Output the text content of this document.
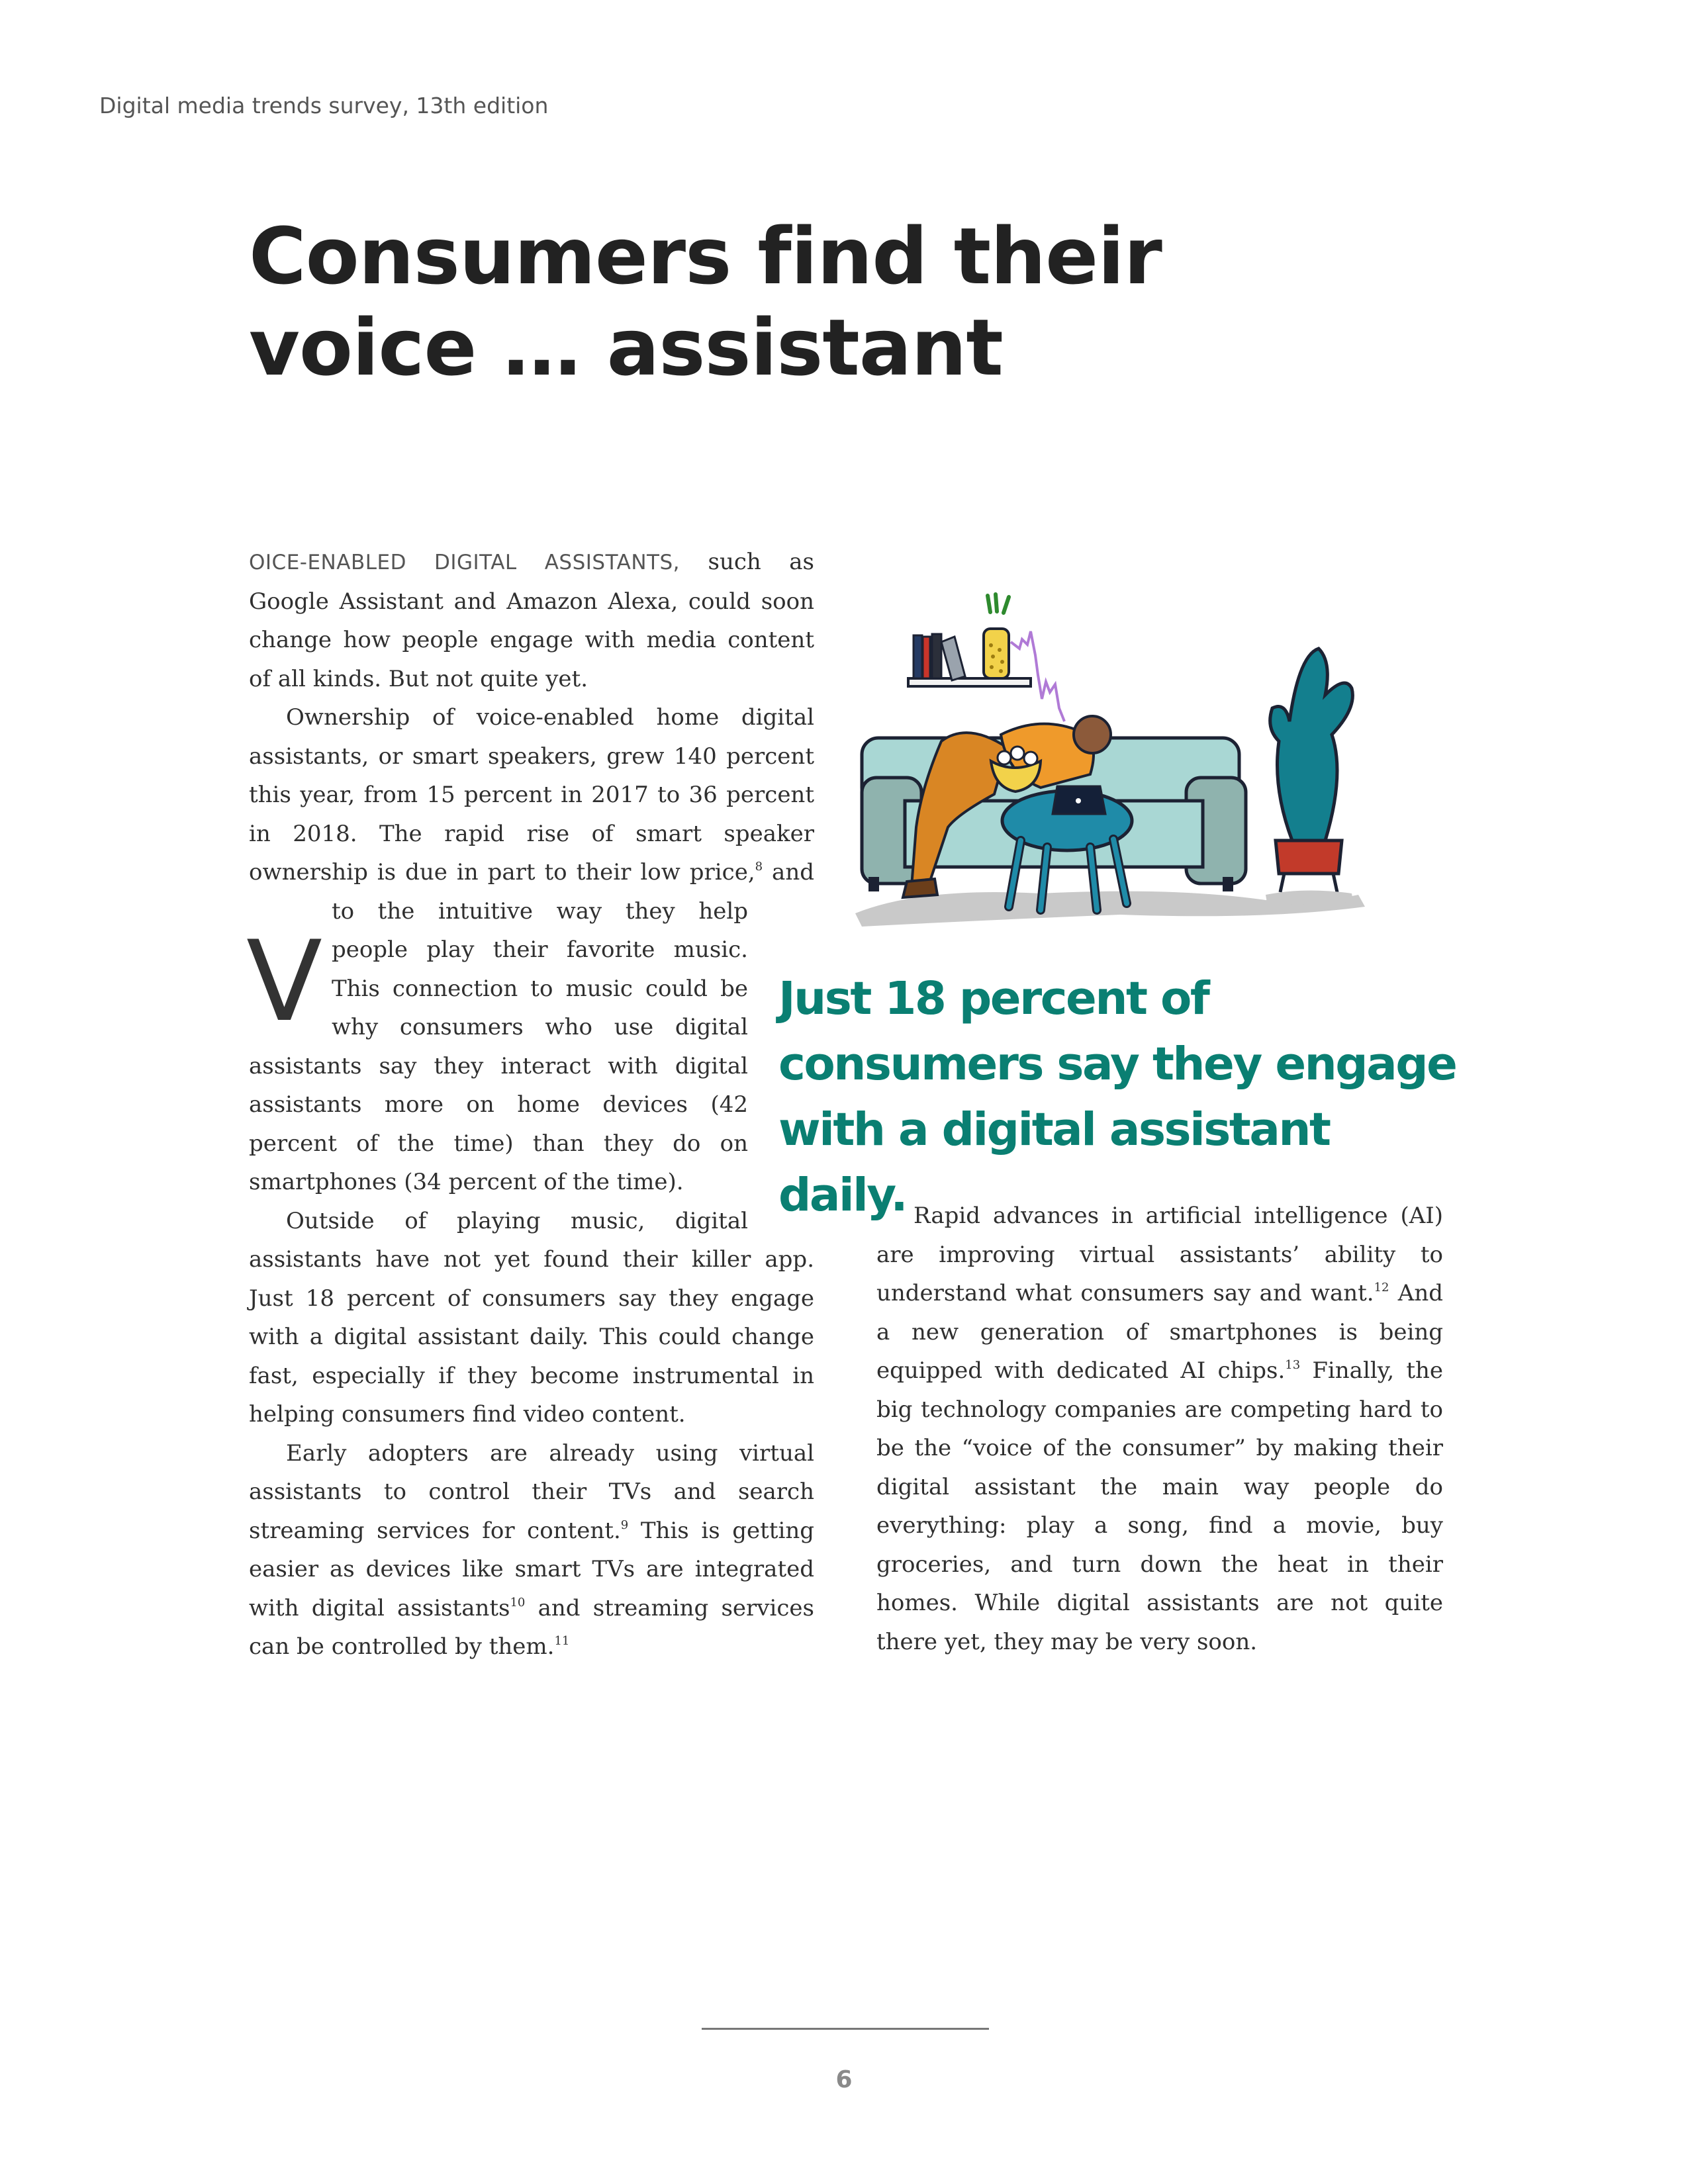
Digital media trends survey, 13th edition
Consumers find their
voice … assistant

V
OICE-ENABLED DIGITAL ASSISTANTS, such as Google Assistant and Amazon Alexa, could soon change how people engage with media content of all kinds. But not quite yet.

Ownership of voice-enabled home digital assistants, or smart speakers, grew 140 percent this year, from 15 percent in 2017 to 36 percent in 2018. The rapid rise of smart speaker ownership is due in part to their low price,$^8$ and to the intuitive way they help people play their favorite music. This connection to music could be why consumers who use digital assistants say they interact with digital assistants more on home devices (42 percent of the time) than they do on smartphones (34 percent of the time).

Outside of playing music, digital assistants have not yet found their killer app. Just 18 percent of consumers say they engage with a digital assistant daily. This could change fast, especially if they become instrumental in helping consumers find video content.

Early adopters are already using virtual assistants to control their TVs and search streaming services for content.$^9$ This is getting easier as devices like smart TVs are integrated with digital assistants$^{10}$ and streaming services can be controlled by them.$^{11}$

Rapid advances in artificial intelligence (AI) are improving virtual assistants’ ability to understand what consumers say and want.$^{12}$ And a new generation of smartphones is being equipped with dedicated AI chips.$^{13}$ Finally, the big technology companies are competing hard to be the “voice of the consumer” by making their digital assistant the main way people do everything: play a song, find a movie, buy groceries, and turn down the heat in their homes. While digital assistants are not quite there yet, they may be very soon.

Just 18 percent of consumers say they engage with a digital assistant daily.

6
